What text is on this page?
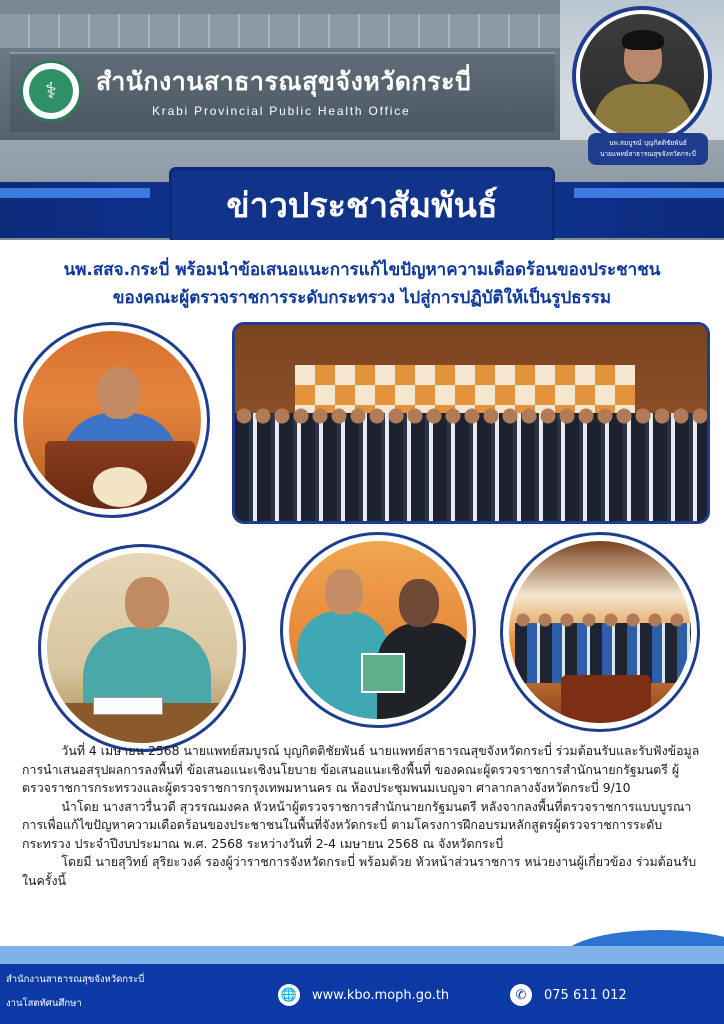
⚕	สำนักงานสาธารณสุขจังหวัดกระบี่
Krabi Provincial Public Health Office
ข่าวประชาสัมพันธ์
นพ.สมบูรณ์ บุญกิตติชัยพันธ์
นายแพทย์สาธารณสุขจังหวัดกระบี่
นพ.สสจ.กระบี่ พร้อมนำข้อเสนอแนะการแก้ไขปัญหาความเดือดร้อนของประชาชน
ของคณะผู้ตรวจราชการระดับกระทรวง ไปสู่การปฏิบัติให้เป็นรูปธรรม

วันที่ 4 เมษายน 2568 นายแพทย์สมบูรณ์ บุญกิตติชัยพันธ์ นายแพทย์สาธารณสุขจังหวัดกระบี่ ร่วมต้อนรับและรับฟังข้อมูลการนำเสนอสรุปผลการลงพื้นที่ ข้อเสนอแนะเชิงนโยบาย ข้อเสนอแนะเชิงพื้นที่ ของคณะผู้ตรวจราชการสำนักนายกรัฐมนตรี ผู้ตรวจราชการกระทรวงและผู้ตรวจราชการกรุงเทพมหานคร ณ ห้องประชุมพนมเบญจา ศาลากลางจังหวัดกระบี่ 9/10

นำโดย นางสาวรื่นวดี สุวรรณมงคล หัวหน้าผู้ตรวจราชการสำนักนายกรัฐมนตรี หลังจากลงพื้นที่ตรวจราชการแบบบูรณาการเพื่อแก้ไขปัญหาความเดือดร้อนของประชาชนในพื้นที่จังหวัดกระบี่ ตามโครงการฝึกอบรมหลักสูตรผู้ตรวจราชการระดับกระทรวง ประจำปีงบประมาณ พ.ศ. 2568 ระหว่างวันที่ 2-4 เมษายน 2568 ณ จังหวัดกระบี่

โดยมี นายสุวิทย์ สุริยะวงค์ รองผู้ว่าราชการจังหวัดกระบี่ พร้อมด้วย หัวหน้าส่วนราชการ หน่วยงานผู้เกี่ยวข้อง ร่วมต้อนรับในครั้งนี้

สำนักงานสาธารณสุขจังหวัดกระบี่
งานโสตทัศนศึกษา
🌐 www.kbo.moph.go.th	✆	075 611 012
